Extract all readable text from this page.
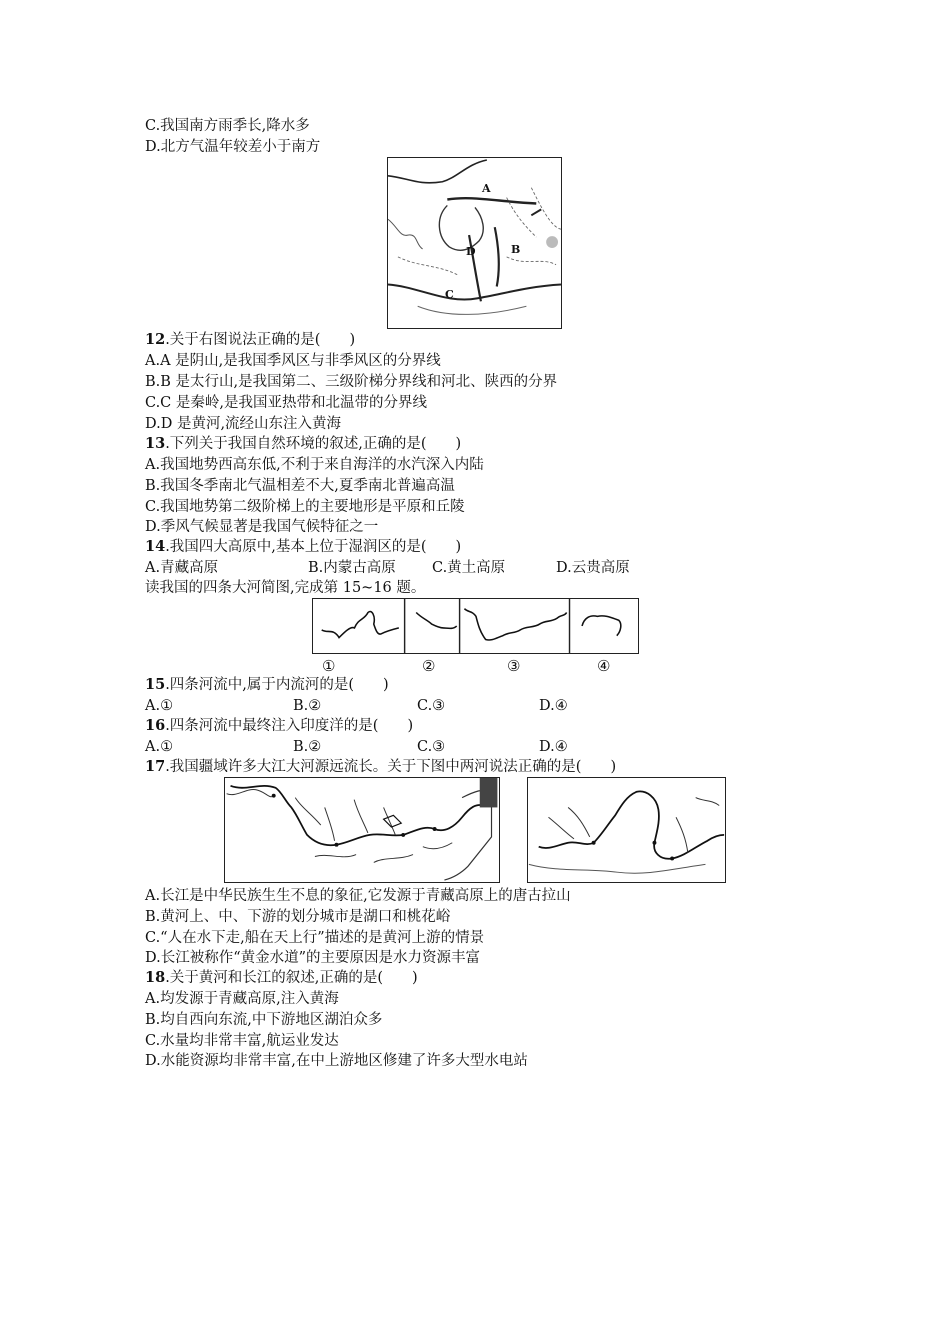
C.我国南方雨季长,降水多
D.北方气温年较差小于南方
A
B
C
D
12.关于右图说法正确的是(　　)
A.A 是阴山,是我国季风区与非季风区的分界线
B.B 是太行山,是我国第二、三级阶梯分界线和河北、陕西的分界
C.C 是秦岭,是我国亚热带和北温带的分界线
D.D 是黄河,流经山东注入黄海
13.下列关于我国自然环境的叙述,正确的是(　　)
A.我国地势西高东低,不利于来自海洋的水汽深入内陆
B.我国冬季南北气温相差不大,夏季南北普遍高温
C.我国地势第二级阶梯上的主要地形是平原和丘陵
D.季风气候显著是我国气候特征之一
14.我国四大高原中,基本上位于湿润区的是(　　)
A.青藏高原	B.内蒙古高原 C.黄土高原	D.云贵高原
读我国的四条大河简图,完成第 15~16 题。
①	②	③	④
15.四条河流中,属于内流河的是(　　)
A.①	B.②	C.③	D.④
16.四条河流中最终注入印度洋的是(　　)
A.①	B.②	C.③	D.④
17.我国疆域许多大江大河源远流长。关于下图中两河说法正确的是(　　)
A.长江是中华民族生生不息的象征,它发源于青藏高原上的唐古拉山
B.黄河上、中、下游的划分城市是湖口和桃花峪
C.“人在水下走,船在天上行”描述的是黄河上游的情景
D.长江被称作“黄金水道”的主要原因是水力资源丰富
18.关于黄河和长江的叙述,正确的是(　　)
A.均发源于青藏高原,注入黄海
B.均自西向东流,中下游地区湖泊众多
C.水量均非常丰富,航运业发达
D.水能资源均非常丰富,在中上游地区修建了许多大型水电站
